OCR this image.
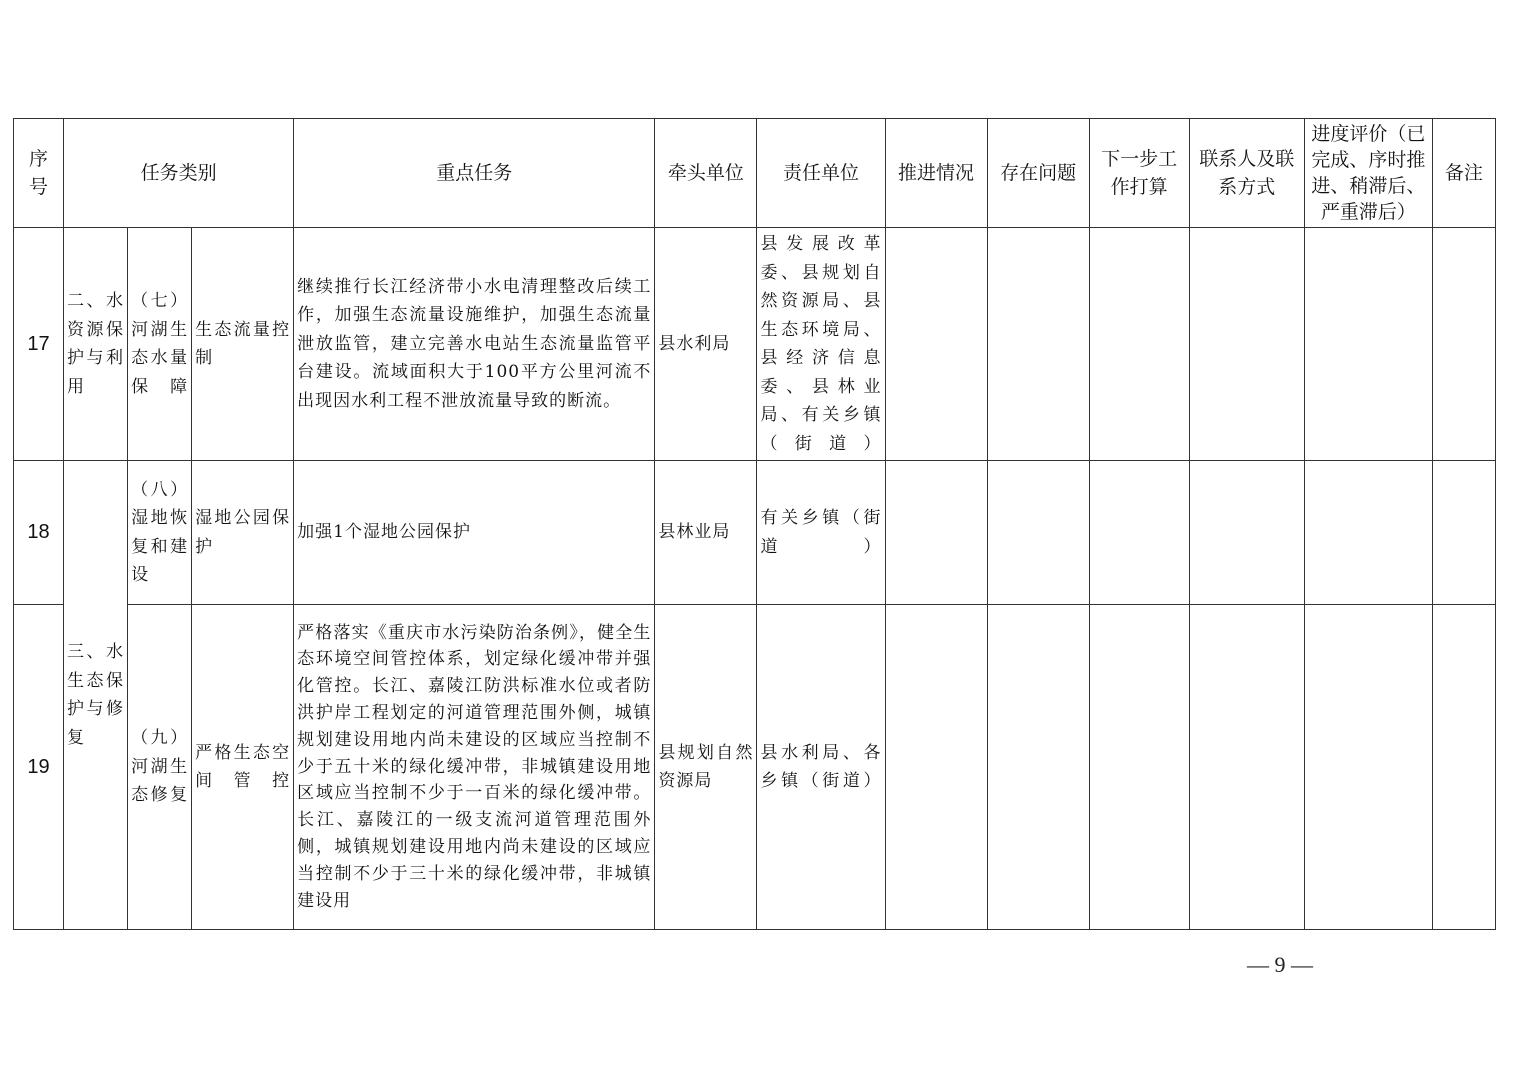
序号	任务类别			重点任务	牵头单位	责任单位	推进情况	存在问题	下一步工作打算	联系人及联系方式	进度评价（已完成、序时推进、稍滞后、严重滞后）	备注
17	二、水资源保护与利用	（七）河湖生态水量保障	生态流量控制	继续推行长江经济带小水电清理整改后续工作，加强生态流量设施维护，加强生态流量泄放监管，建立完善水电站生态流量监管平台建设。流域面积大于100平方公里河流不出现因水利工程不泄放流量导致的断流。	县水利局	县发展改革委、县规划自然资源局、县生态环境局、县经济信息委、县林业局、有关乡镇（街道）						
18	三、水生态保护与修复	（八）湿地恢复和建设	湿地公园保护	加强1个湿地公园保护	县林业局	有关乡镇（街道）						
19		（九）河湖生态修复	严格生态空间管控	严格落实《重庆市水污染防治条例》，健全生态环境空间管控体系，划定绿化缓冲带并强化管控。长江、嘉陵江防洪标准水位或者防洪护岸工程划定的河道管理范围外侧，城镇规划建设用地内尚未建设的区域应当控制不少于五十米的绿化缓冲带，非城镇建设用地区域应当控制不少于一百米的绿化缓冲带。长江、嘉陵江的一级支流河道管理范围外侧，城镇规划建设用地内尚未建设的区域应当控制不少于三十米的绿化缓冲带，非城镇建设用	县规划自然资源局	县水利局、各乡镇（街道）						
— 9 —
